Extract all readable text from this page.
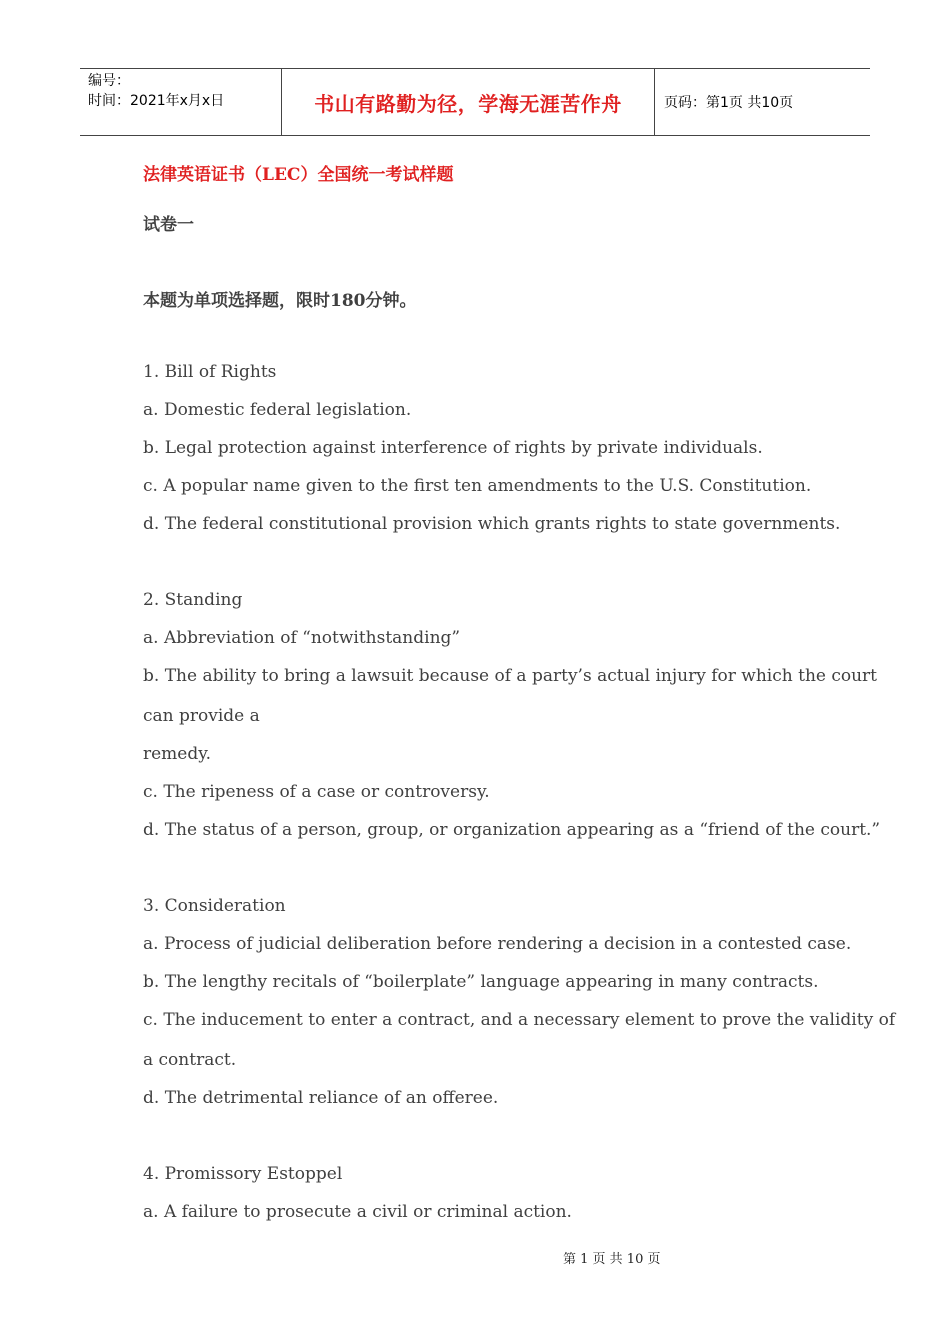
编号：
时间：2021年x月x日	书山有路勤为径，学海无涯苦作舟	页码：第1页 共10页
法律英语证书（LEC）全国统一考试样题
试卷一
本题为单项选择题，限时180分钟。
1. Bill of Rights
a. Domestic federal legislation.
b. Legal protection against interference of rights by private individuals.
c. A popular name given to the first ten amendments to the U.S. Constitution.
d. The federal constitutional provision which grants rights to state governments.
2. Standing
a. Abbreviation of “notwithstanding”
b. The ability to bring a lawsuit because of a party’s actual injury for which the court
can provide a
remedy.
c. The ripeness of a case or controversy.
d. The status of a person, group, or organization appearing as a “friend of the court.”
3. Consideration
a. Process of judicial deliberation before rendering a decision in a contested case.
b. The lengthy recitals of “boilerplate” language appearing in many contracts.
c. The inducement to enter a contract, and a necessary element to prove the validity of
a contract.
d. The detrimental reliance of an offeree.
4. Promissory Estoppel
a. A failure to prosecute a civil or criminal action.
第 1 页 共 10 页
